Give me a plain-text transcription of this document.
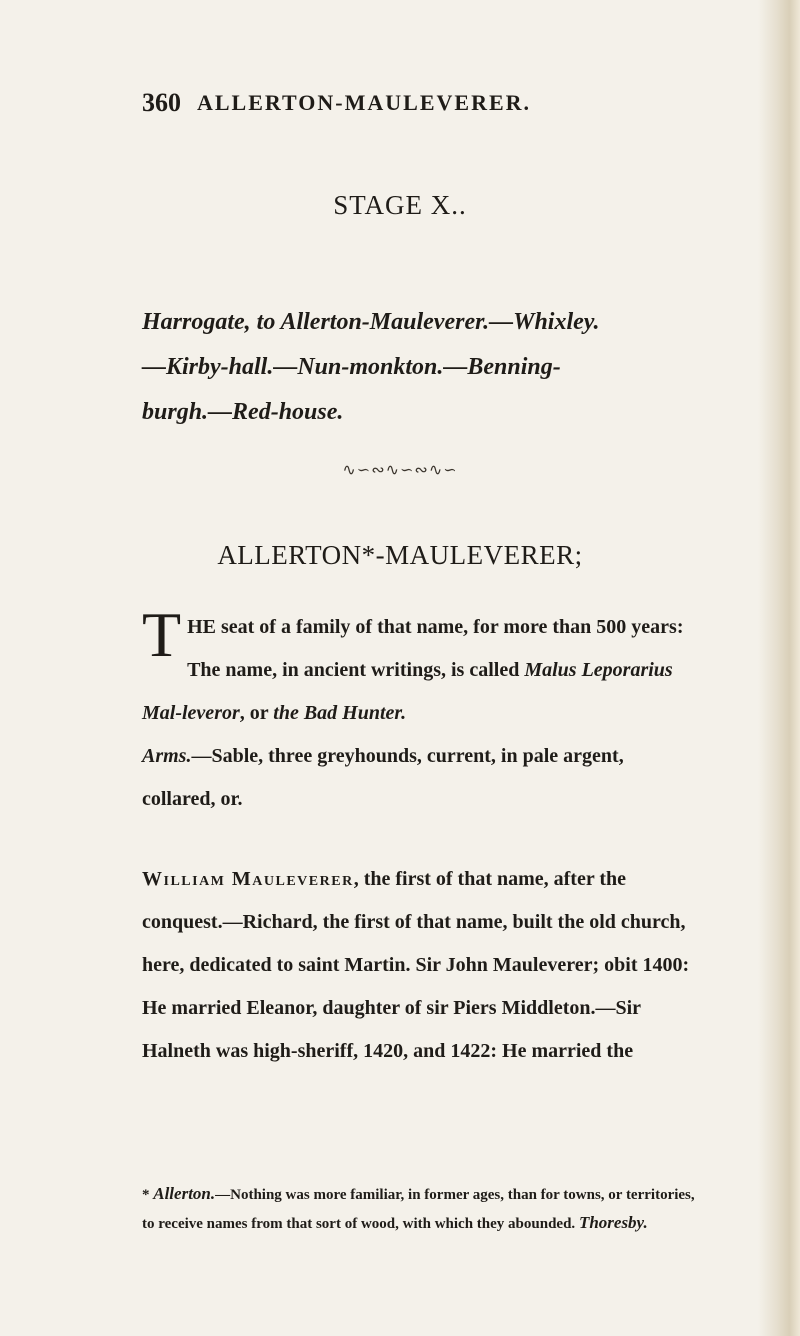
360 ALLERTON-MAULEVERER.
STAGE X..
Harrogate, to Allerton-Mauleverer.—Whixley.
—Kirby-hall.—Nun-monkton.—Benning-
burgh.—Red-house.
∿∽∾∿∽∾∿∽
ALLERTON*-MAULEVERER;

THE seat of a family of that name, for more than 500 years: The name, in ancient writings, is called Malus Leporarius Mal-leveror, or the Bad Hunter.

Arms.—Sable, three greyhounds, current, in pale argent, collared, or.

William Mauleverer, the first of that name, after the conquest.—Richard, the first of that name, built the old church, here, dedicated to saint Martin. Sir John Mauleverer; obit 1400: He married Eleanor, daughter of sir Piers Middleton.—Sir Halneth was high-sheriff, 1420, and 1422: He married the

* Allerton.—Nothing was more familiar, in former ages, than for towns, or territories, to receive names from that sort of wood, with which they abounded. Thoresby.
